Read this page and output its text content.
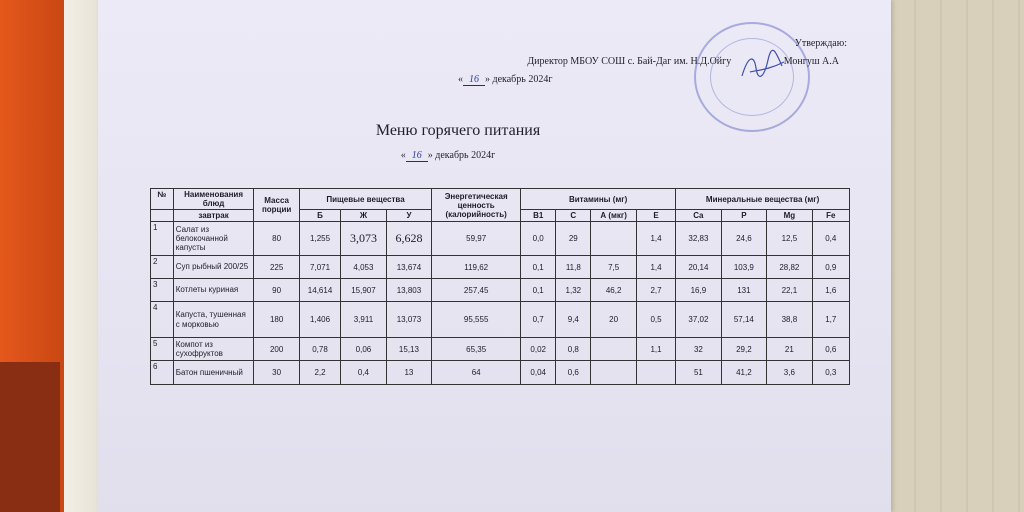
Утверждаю:
Директор МБОУ СОШ с. Бай-Даг им. Н.Д.Ойгу	Монгуш А.А
« 16 » декабрь 2024г
Меню горячего питания
« 16 » декабрь 2024г
№	Наименования блюд	Масса порции	Пищевые вещества			Энергетическая ценность (калорийность)	Витамины (мг)				Минеральные вещества (мг)			
	завтрак		Б	Ж	У		B1	C	А (мкг)	Е	Ca	P	Mg	Fe

1	Салат из белокочанной капусты	80	1,255	3,073	6,628	59,97	0,0	29		1,4	32,83	24,6	12,5	0,4
2	Суп рыбный 200/25	225	7,071	4,053	13,674	119,62	0,1	11,8	7,5	1,4	20,14	103,9	28,82	0,9
3	Котлеты куриная	90	14,614	15,907	13,803	257,45	0,1	1,32	46,2	2,7	16,9	131	22,1	1,6
4	Капуста, тушенная с морковью	180	1,406	3,911	13,073	95,555	0,7	9,4	20	0,5	37,02	57,14	38,8	1,7
5	Компот из сухофруктов	200	0,78	0,06	15,13	65,35	0,02	0,8		1,1	32	29,2	21	0,6
6	Батон пшеничный	30	2,2	0,4	13	64	0,04	0,6			51	41,2	3,6	0,3
